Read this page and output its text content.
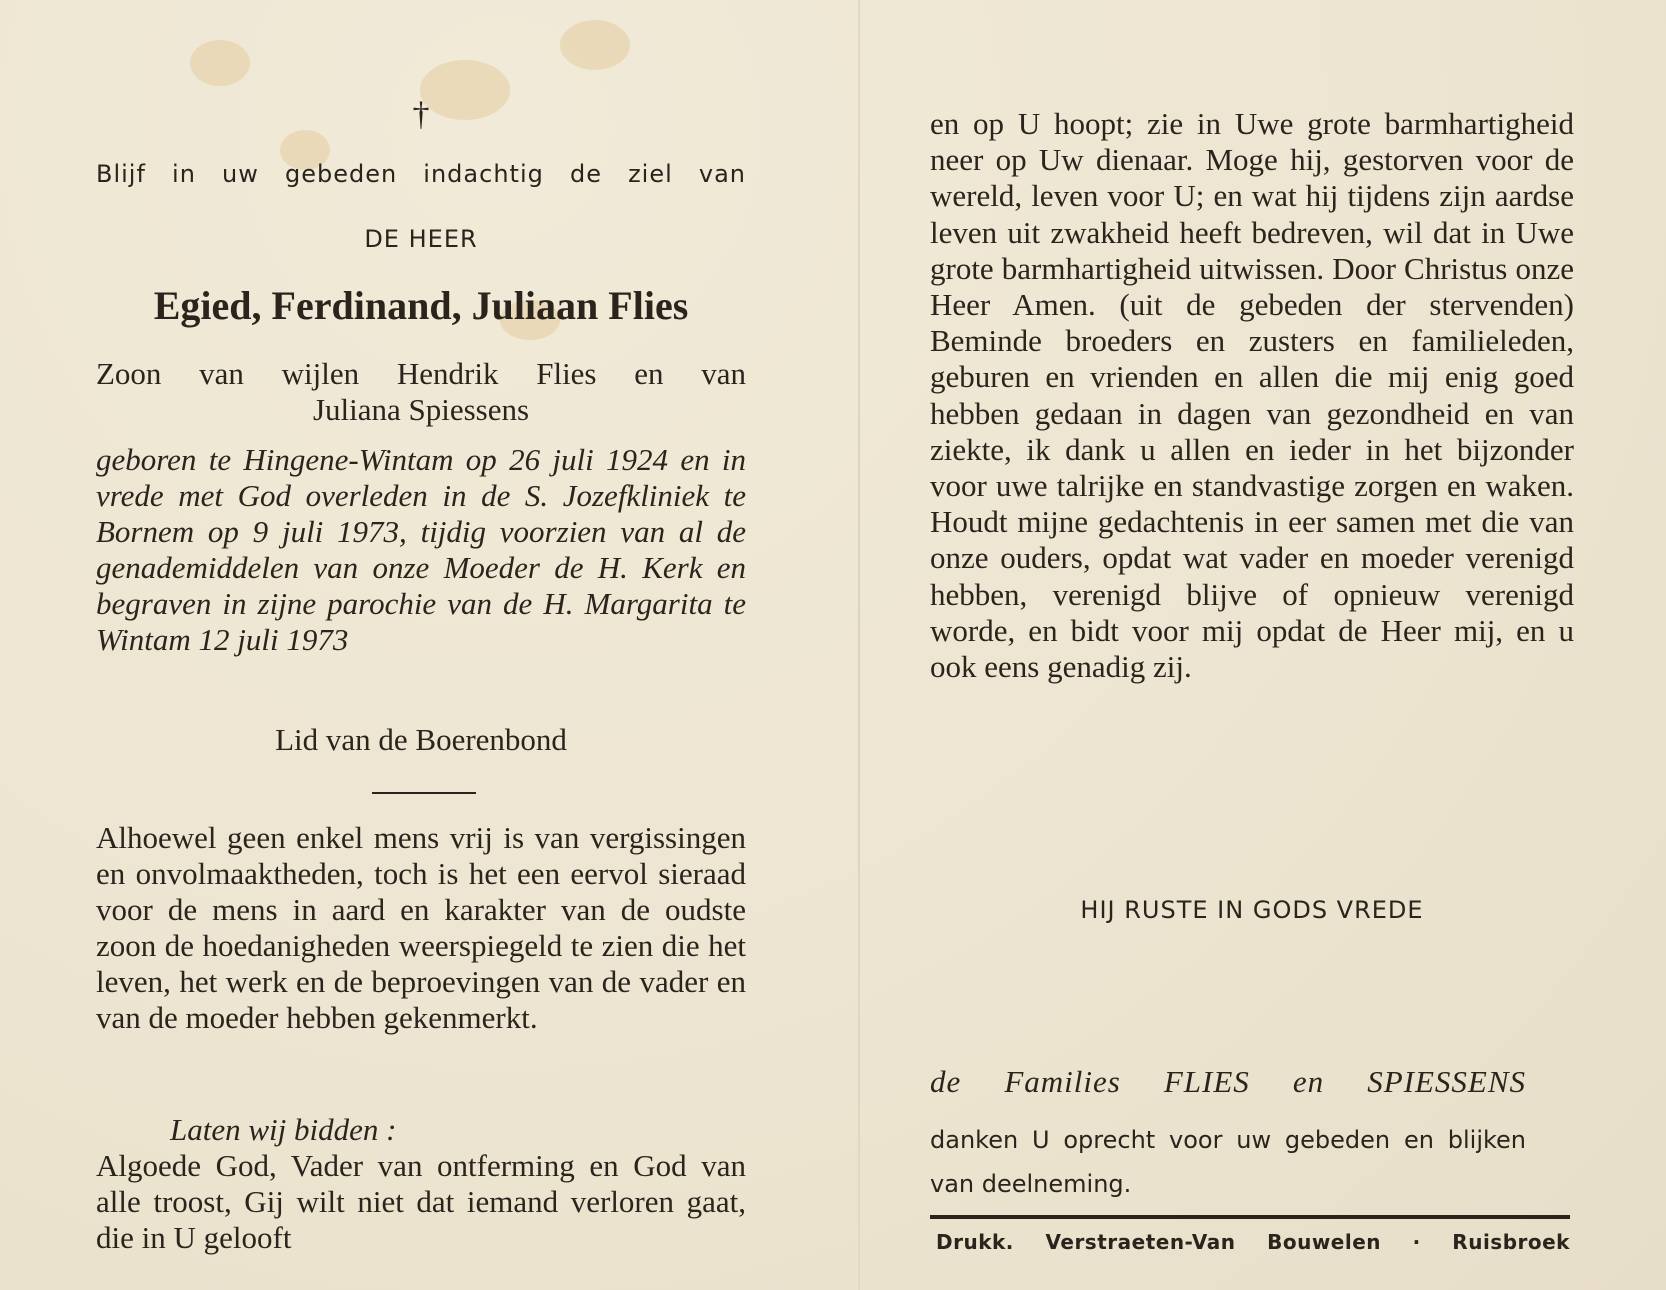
†
Blijf in uw gebeden indachtig de ziel van
DE HEER
Egied, Ferdinand, Juliaan Flies
Zoon van wijlen Hendrik Flies en van
Juliana Spiessens
geboren te Hingene-Wintam op 26 juli 1924 en in vrede met God overleden in de S. Jozefkliniek te Bornem op 9 juli 1973, tijdig voorzien van al de genademiddelen van onze Moeder de H. Kerk en begraven in zijne parochie van de H. Margarita te Wintam 12 juli 1973
Lid van de Boerenbond
Alhoewel geen enkel mens vrij is van vergissingen en onvolmaaktheden, toch is het een eervol sieraad voor de mens in aard en karakter van de oudste zoon de hoedanigheden weerspiegeld te zien die het leven, het werk en de beproevingen van de vader en van de moeder hebben gekenmerkt.
Laten wij bidden :
Algoede God, Vader van ontferming en God van alle troost, Gij wilt niet dat iemand verloren gaat, die in U gelooft
en op U hoopt; zie in Uwe grote barmhartigheid neer op Uw dienaar. Moge hij, gestorven voor de wereld, leven voor U; en wat hij tijdens zijn aardse leven uit zwakheid heeft bedreven, wil dat in Uwe grote barmhartigheid uitwissen. Door Christus onze Heer Amen. (uit de gebeden der stervenden) Beminde broeders en zusters en familieleden, geburen en vrienden en allen die mij enig goed hebben gedaan in dagen van gezondheid en van ziekte, ik dank u allen en ieder in het bijzonder voor uwe talrijke en standvastige zorgen en waken. Houdt mijne gedachtenis in eer samen met die van onze ouders, opdat wat vader en moeder verenigd hebben, verenigd blijve of opnieuw verenigd worde, en bidt voor mij opdat de Heer mij, en u ook eens genadig zij.
HIJ RUSTE IN GODS VREDE
de Families FLIES en SPIESSENS
danken U oprecht voor uw gebeden en blijken van deelneming.
Drukk. Verstraeten-Van Bouwelen · Ruisbroek
